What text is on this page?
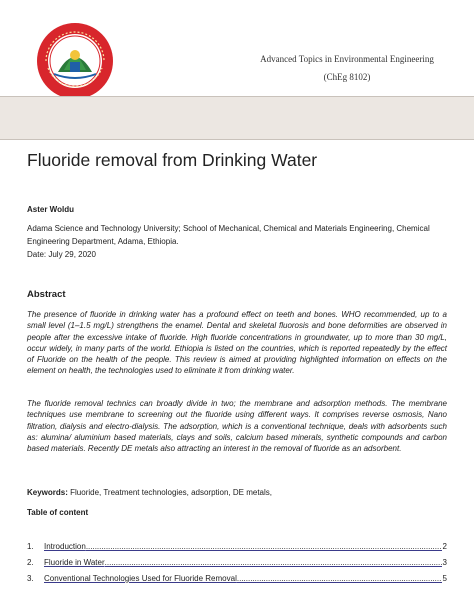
Advanced Topics in Environmental Engineering
(ChEg 8102)
Fluoride removal from Drinking Water
Aster Woldu
Adama Science and Technology University; School of Mechanical, Chemical and Materials Engineering, Chemical Engineering Department, Adama, Ethiopia.
Date: July 29, 2020
Abstract
The presence of fluoride in drinking water has a profound effect on teeth and bones. WHO recommended, up to a small level (1–1.5 mg/L) strengthens the enamel. Dental and skeletal fluorosis and bone deformities are observed in people after the excessive intake of fluoride. High fluoride concentrations in groundwater, up to more than 30 mg/L, occur widely, in many parts of the world. Ethiopia is listed on the countries, which is reported repeatedly by the effect of Fluoride on the health of the people. This review is aimed at providing highlighted information on effects on the element on health, the technologies used to eliminate it from drinking water.
The fluoride removal technics can broadly divide in two; the membrane and adsorption methods. The membrane techniques use membrane to screening out the fluoride using different ways. It comprises reverse osmosis, Nano filtration, dialysis and electro-dialysis. The adsorption, which is a conventional technique, deals with adsorbents such as: alumina/ aluminium based materials, clays and soils, calcium based minerals, synthetic compounds and carbon based materials. Recently DE metals also attracting an interest in the removal of fluoride as an adsorbent.
Keywords: Fluoride, Treatment technologies, adsorption, DE metals,
Table of content
1.	Introduction .....	2
2.	Fluoride in Water .....	3
3.	Conventional Technologies Used for Fluoride Removal .....	5
